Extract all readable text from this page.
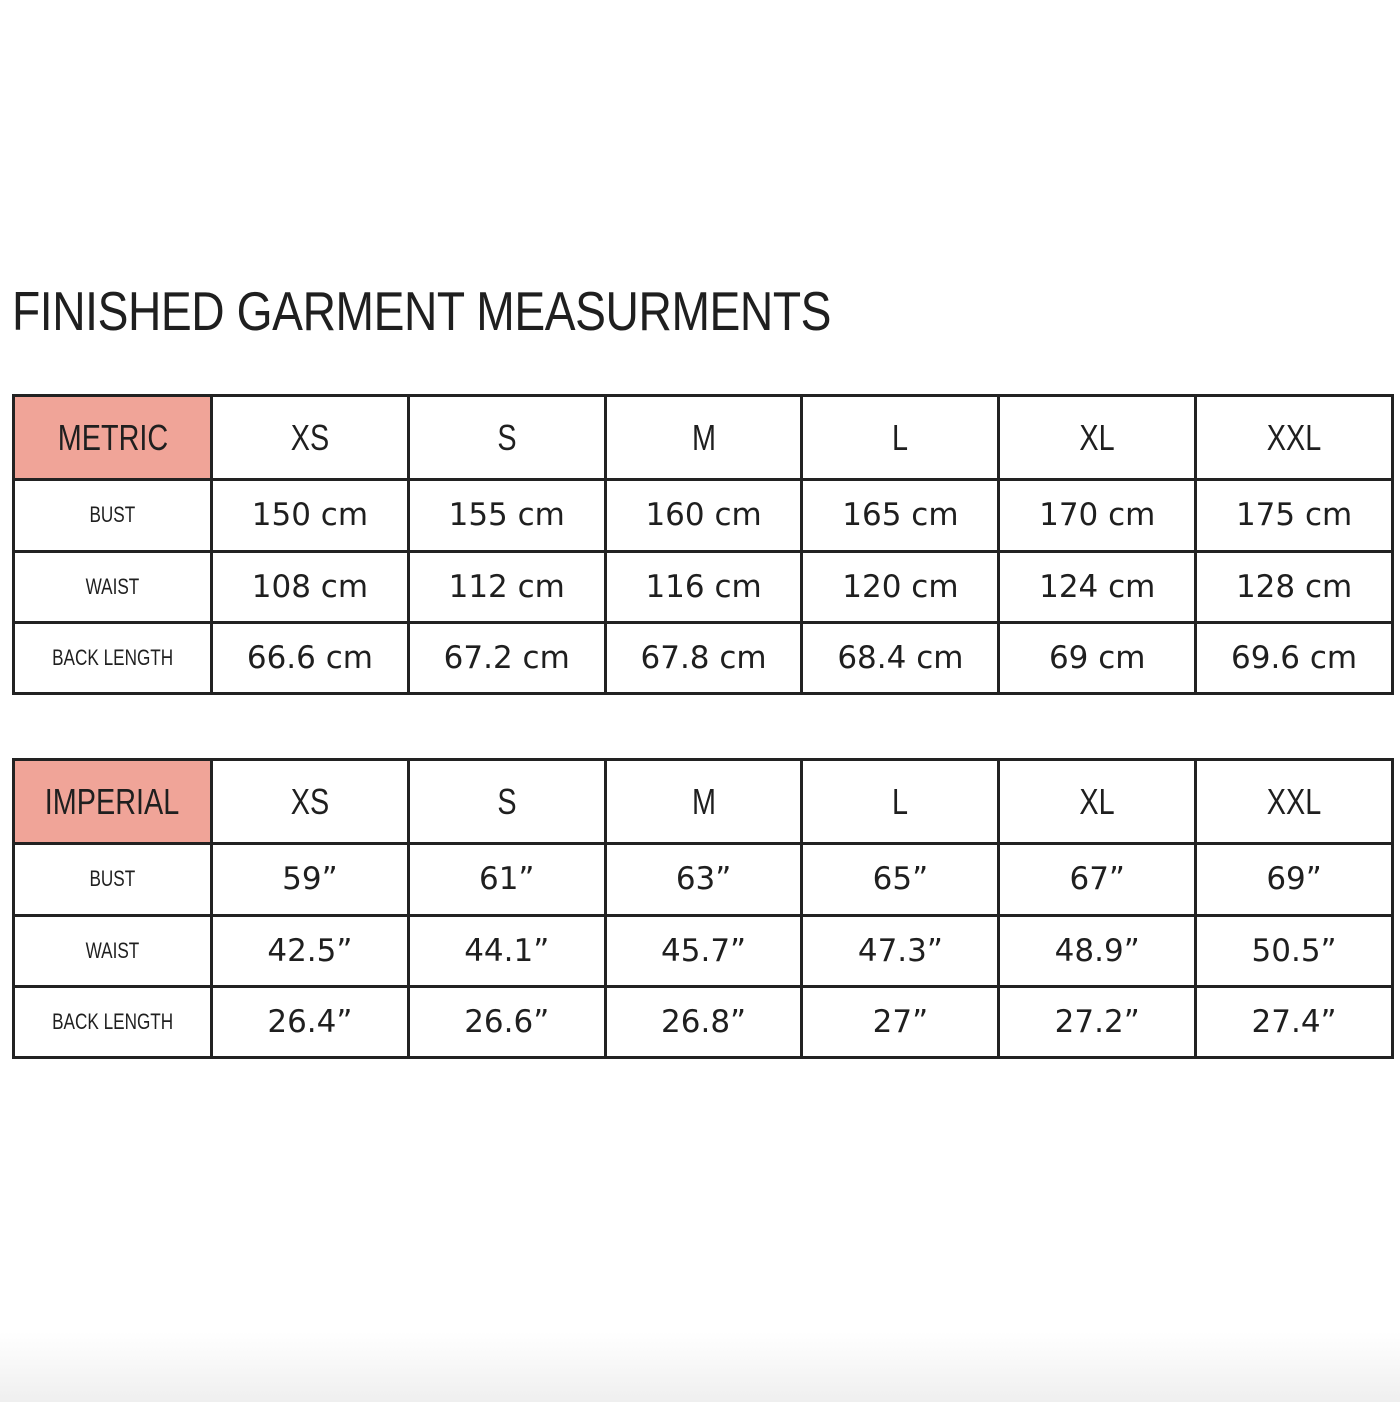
FINISHED GARMENT MEASURMENTS
METRIC	XS	S	M	L	XL	XXL
BUST	150 cm	155 cm	160 cm	165 cm	170 cm	175 cm
WAIST	108 cm	112 cm	116 cm	120 cm	124 cm	128 cm
BACK LENGTH	66.6 cm	67.2 cm	67.8 cm	68.4 cm	69 cm	69.6 cm
IMPERIAL	XS	S	M	L	XL	XXL
BUST	59”	61”	63”	65”	67”	69”
WAIST	42.5”	44.1”	45.7”	47.3”	48.9”	50.5”
BACK LENGTH	26.4”	26.6”	26.8”	27”	27.2”	27.4”
